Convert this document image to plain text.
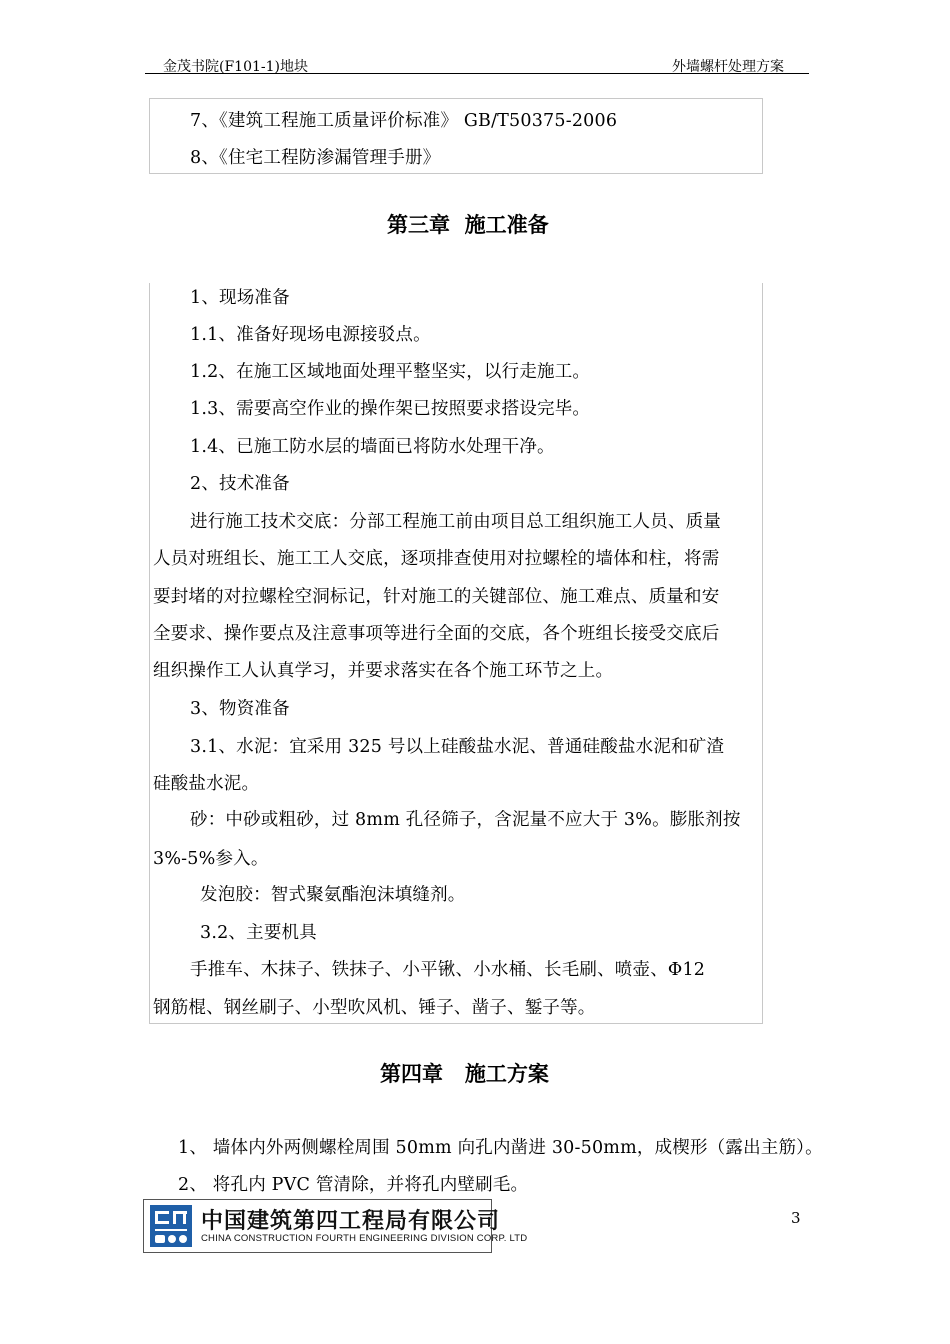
金茂书院(F101-1)地块	外墙螺杆处理方案
7、《建筑工程施工质量评价标准》 GB/T50375-2006
8、《住宅工程防渗漏管理手册》
第三章  施工准备
1、现场准备
1.1、准备好现场电源接驳点。
1.2、在施工区域地面处理平整坚实，以行走施工。
1.3、需要高空作业的操作架已按照要求搭设完毕。
1.4、已施工防水层的墙面已将防水处理干净。
2、技术准备
进行施工技术交底：分部工程施工前由项目总工组织施工人员、质量
人员对班组长、施工工人交底，逐项排查使用对拉螺栓的墙体和柱，将需
要封堵的对拉螺栓空洞标记，针对施工的关键部位、施工难点、质量和安
全要求、操作要点及注意事项等进行全面的交底，各个班组长接受交底后
组织操作工人认真学习，并要求落实在各个施工环节之上。
3、物资准备
3.1、水泥：宜采用 325 号以上硅酸盐水泥、普通硅酸盐水泥和矿渣
硅酸盐水泥。
砂：中砂或粗砂，过 8mm 孔径筛子，含泥量不应大于 3%。膨胀剂按
3%-5%参入。
发泡胶：智式聚氨酯泡沫填缝剂。
3.2、主要机具
手推车、木抹子、铁抹子、小平锹、小水桶、长毛刷、喷壶、Φ12
钢筋棍、钢丝刷子、小型吹风机、锤子、凿子、錾子等。
第四章   施工方案
1、 墙体内外两侧螺栓周围 50mm 向孔内凿进 30-50mm，成楔形（露出主筋）。
2、 将孔内 PVC 管清除，并将孔内壁刷毛。
3
中国建筑第四工程局有限公司
CHINA CONSTRUCTION FOURTH ENGINEERING DIVISION CORP. LTD
